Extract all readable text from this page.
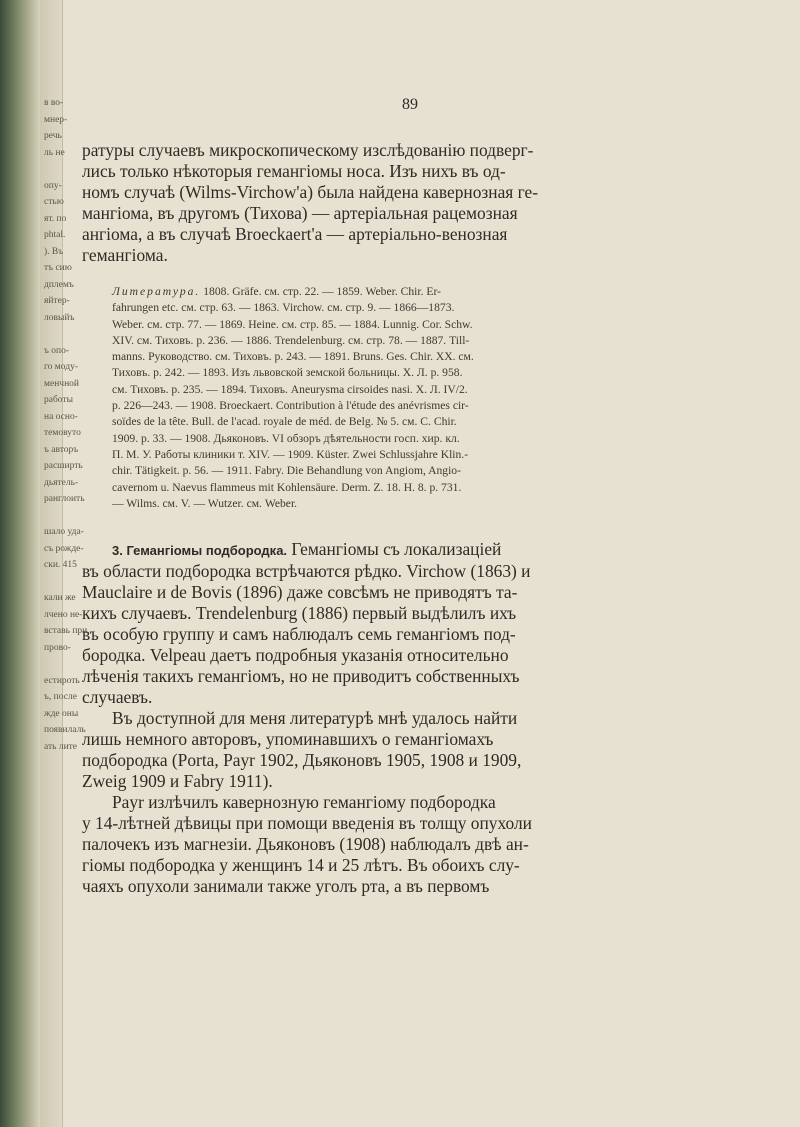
в во-
мнер-
речь
ль не

опу-
стью
ят. по
phtal.
). Въ
тъ сию
дплемъ
яйтер-
ловыйъ

ъ опо-
го моду-
менчной
работы
на осно-
темовуто
ъ авторъ
расширть
дьятель-
ранглоить

шало уда-
съ рожде-
ски. 415

кали же
лчено не-
вставь при
прово-

естироть
ъ, после
жде оны
появилаль
ать лите
89

ратуры случаевъ микроскопическому изслѣдованію подверг-
лись только нѣкоторыя гемангіомы носа. Изъ нихъ въ од-
номъ случаѣ (Wilms-Virchow'a) была найдена кавернозная ге-
мангіома, въ другомъ (Тихова) — артеріальная рацемозная
ангіома, а въ случаѣ Broeckaert'a — артеріально-венозная
гемангіома.

Литература. 1808. Gräfe. см. стр. 22. — 1859. Weber. Chir. Er-
fahrungen etc. см. стр. 63. — 1863. Virchow. см. стр. 9. — 1866—1873.
Weber. см. стр. 77. — 1869. Heine. см. стр. 85. — 1884. Lunnig. Cor. Schw.
XIV. см. Тиховъ. р. 236. — 1886. Trendelenburg. см. стр. 78. — 1887. Till-
manns. Руководство. см. Тиховъ. р. 243. — 1891. Bruns. Ges. Chir. XX. см.
Тиховъ. р. 242. — 1893. Изъ львовской земской больницы. X. Л. р. 958.
см. Тиховъ. р. 235. — 1894. Тиховъ. Aneurysma cirsoides nasi. X. Л. IV/2.
р. 226—243. — 1908. Broeckaert. Contribution à l'étude des anévrismes cir-
soïdes de la tête. Bull. de l'acad. royale de méd. de Belg. № 5. см. C. Chir.
1909. р. 33. — 1908. Дьяконовъ. VI обзоръ дѣятельности госп. хир. кл.
П. М. У. Работы клиники т. XIV. — 1909. Küster. Zwei Schlussjahre Klin.-
chir. Tätigkeit. р. 56. — 1911. Fabry. Die Behandlung von Angiom, Angio-
cavernom u. Naevus flammeus mit Kohlensäure. Derm. Z. 18. H. 8. р. 731.
— Wilms. см. V. — Wutzer. см. Weber.

3. Гемангіомы подбородка. Гемангіомы съ локализаціей
въ области подбородка встрѣчаются рѣдко. Virchow (1863) и
Mauclaire и de Bovis (1896) даже совсѣмъ не приводятъ та-
кихъ случаевъ. Trendelenburg (1886) первый выдѣлилъ ихъ
въ особую группу и самъ наблюдалъ семь гемангіомъ под-
бородка. Velpeau даетъ подробныя указанія относительно
лѣченія такихъ гемангіомъ, но не приводитъ собственныхъ
случаевъ.

Въ доступной для меня литературѣ мнѣ удалось найти
лишь немного авторовъ, упоминавшихъ о гемангіомахъ
подбородка (Porta, Payr 1902, Дьяконовъ 1905, 1908 и 1909,
Zweig 1909 и Fabry 1911).

Payr излѣчилъ кавернозную гемангіому подбородка
у 14-лѣтней дѣвицы при помощи введенія въ толщу опухоли
палочекъ изъ магнезіи. Дьяконовъ (1908) наблюдалъ двѣ ан-
гіомы подбородка у женщинъ 14 и 25 лѣтъ. Въ обоихъ слу-
чаяхъ опухоли занимали также уголъ рта, а въ первомъ
